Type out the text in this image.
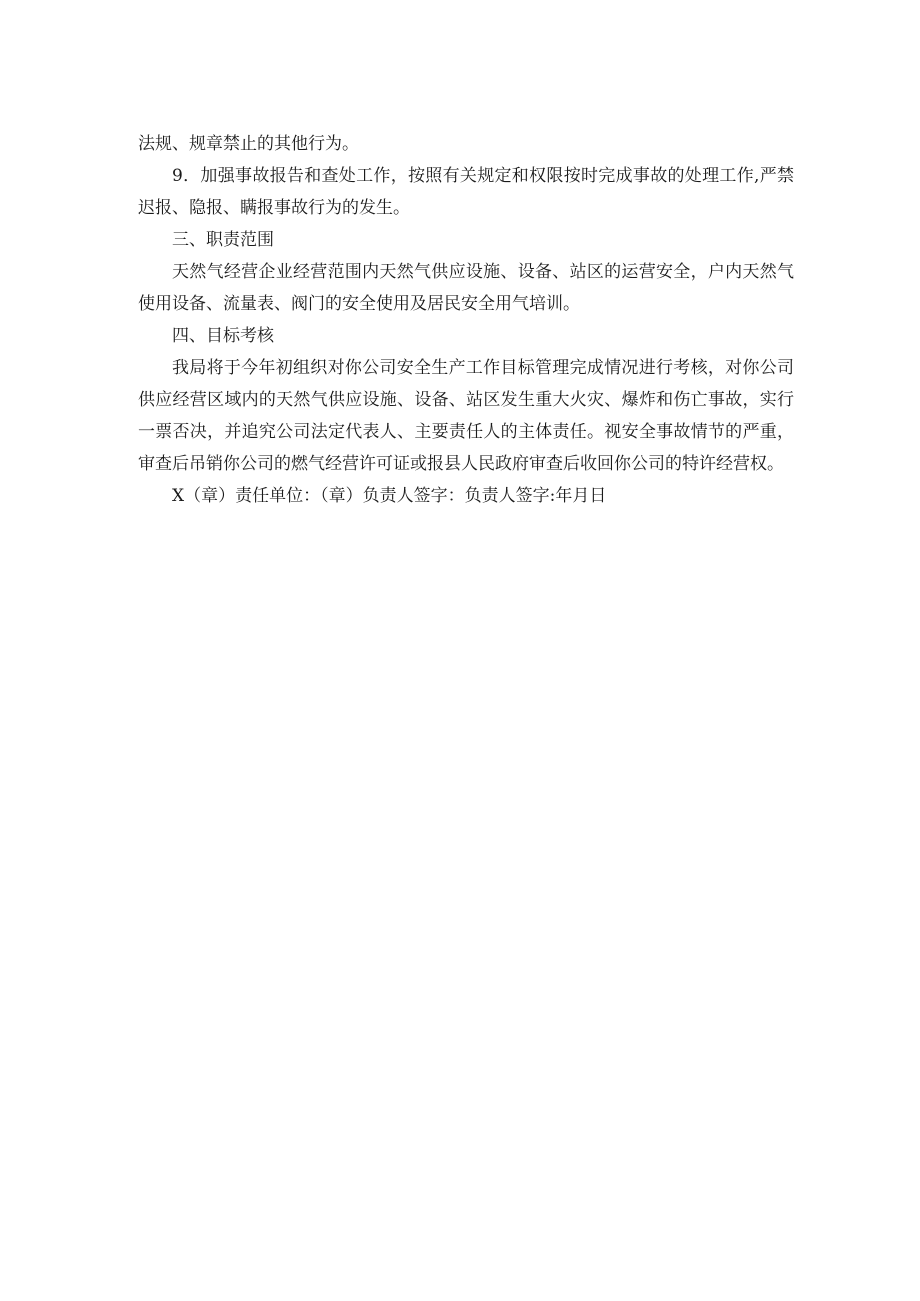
法规、规章禁止的其他行为。

9．加强事故报告和查处工作，按照有关规定和权限按时完成事故的处理工作,严禁迟报、隐报、瞒报事故行为的发生。

三、职责范围

天然气经营企业经营范围内天然气供应设施、设备、站区的运营安全，户内天然气使用设备、流量表、阀门的安全使用及居民安全用气培训。

四、目标考核

我局将于今年初组织对你公司安全生产工作目标管理完成情况进行考核，对你公司供应经营区域内的天然气供应设施、设备、站区发生重大火灾、爆炸和伤亡事故，实行一票否决，并追究公司法定代表人、主要责任人的主体责任。视安全事故情节的严重，审查后吊销你公司的燃气经营许可证或报县人民政府审查后收回你公司的特许经营权。

X（章）责任单位：（章）负责人签字：负责人签字:年月日
